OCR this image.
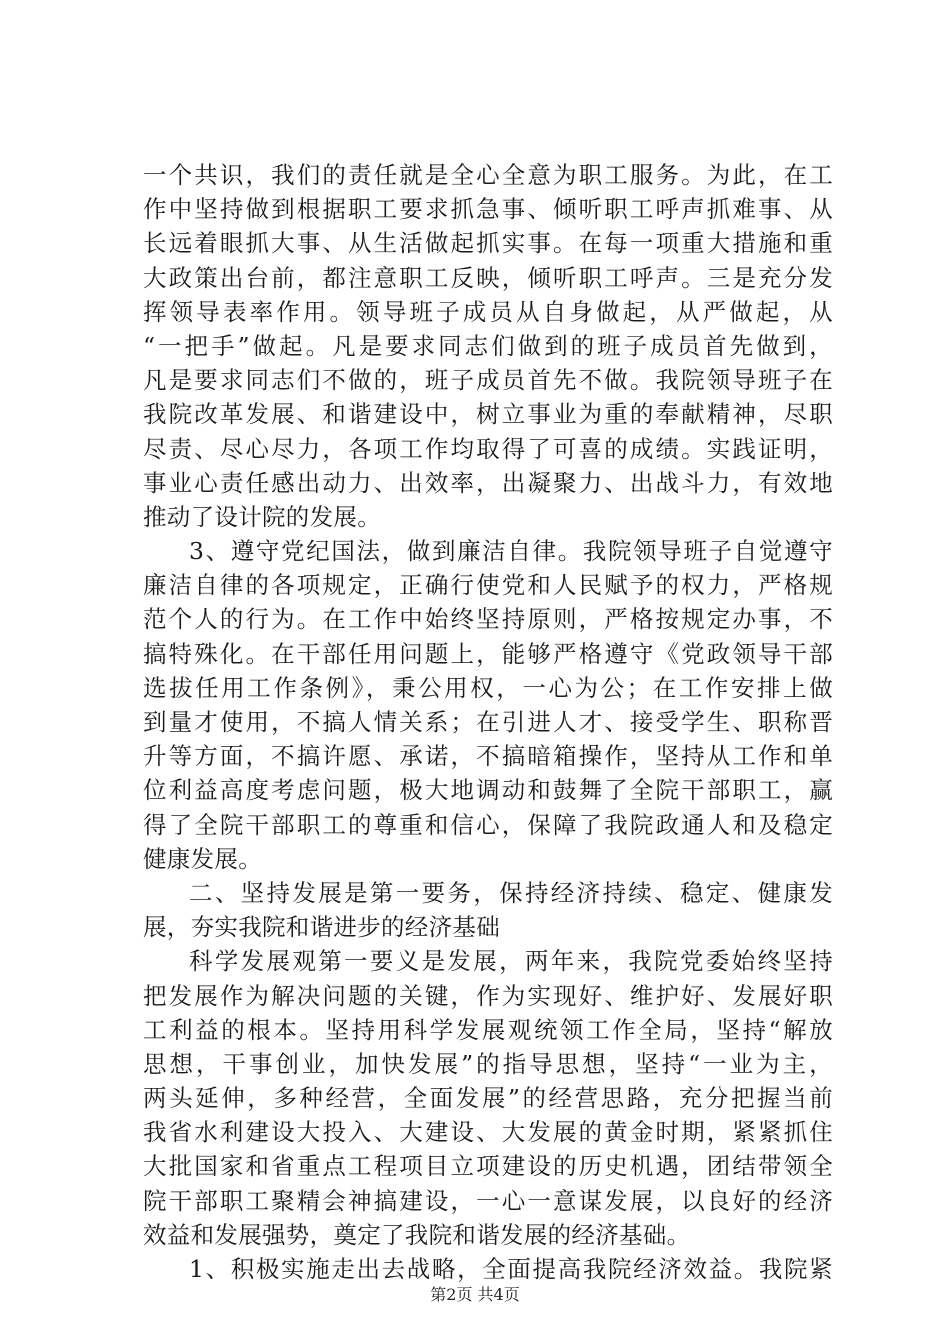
一个共识，我们的责任就是全心全意为职工服务。为此，在工
作中坚持做到根据职工要求抓急事、倾听职工呼声抓难事、从
长远着眼抓大事、从生活做起抓实事。在每一项重大措施和重
大政策出台前，都注意职工反映，倾听职工呼声。三是充分发
挥领导表率作用。领导班子成员从自身做起，从严做起，从
“一把手”做起。凡是要求同志们做到的班子成员首先做到，
凡是要求同志们不做的，班子成员首先不做。我院领导班子在
我院改革发展、和谐建设中，树立事业为重的奉献精神，尽职
尽责、尽心尽力，各项工作均取得了可喜的成绩。实践证明，
事业心责任感出动力、出效率，出凝聚力、出战斗力，有效地
推动了设计院的发展。
3、遵守党纪国法，做到廉洁自律。我院领导班子自觉遵守
廉洁自律的各项规定，正确行使党和人民赋予的权力，严格规
范个人的行为。在工作中始终坚持原则，严格按规定办事，不
搞特殊化。在干部任用问题上，能够严格遵守《党政领导干部
选拔任用工作条例》，秉公用权，一心为公；在工作安排上做
到量才使用，不搞人情关系；在引进人才、接受学生、职称晋
升等方面，不搞许愿、承诺，不搞暗箱操作，坚持从工作和单
位利益高度考虑问题，极大地调动和鼓舞了全院干部职工，赢
得了全院干部职工的尊重和信心，保障了我院政通人和及稳定
健康发展。
二、坚持发展是第一要务，保持经济持续、稳定、健康发
展，夯实我院和谐进步的经济基础
科学发展观第一要义是发展，两年来，我院党委始终坚持
把发展作为解决问题的关键，作为实现好、维护好、发展好职
工利益的根本。坚持用科学发展观统领工作全局，坚持“解放
思想，干事创业，加快发展”的指导思想，坚持“一业为主，
两头延伸，多种经营，全面发展”的经营思路，充分把握当前
我省水利建设大投入、大建设、大发展的黄金时期，紧紧抓住
大批国家和省重点工程项目立项建设的历史机遇，团结带领全
院干部职工聚精会神搞建设，一心一意谋发展，以良好的经济
效益和发展强势，奠定了我院和谐发展的经济基础。
1、积极实施走出去战略，全面提高我院经济效益。我院紧
第2页 共4页
